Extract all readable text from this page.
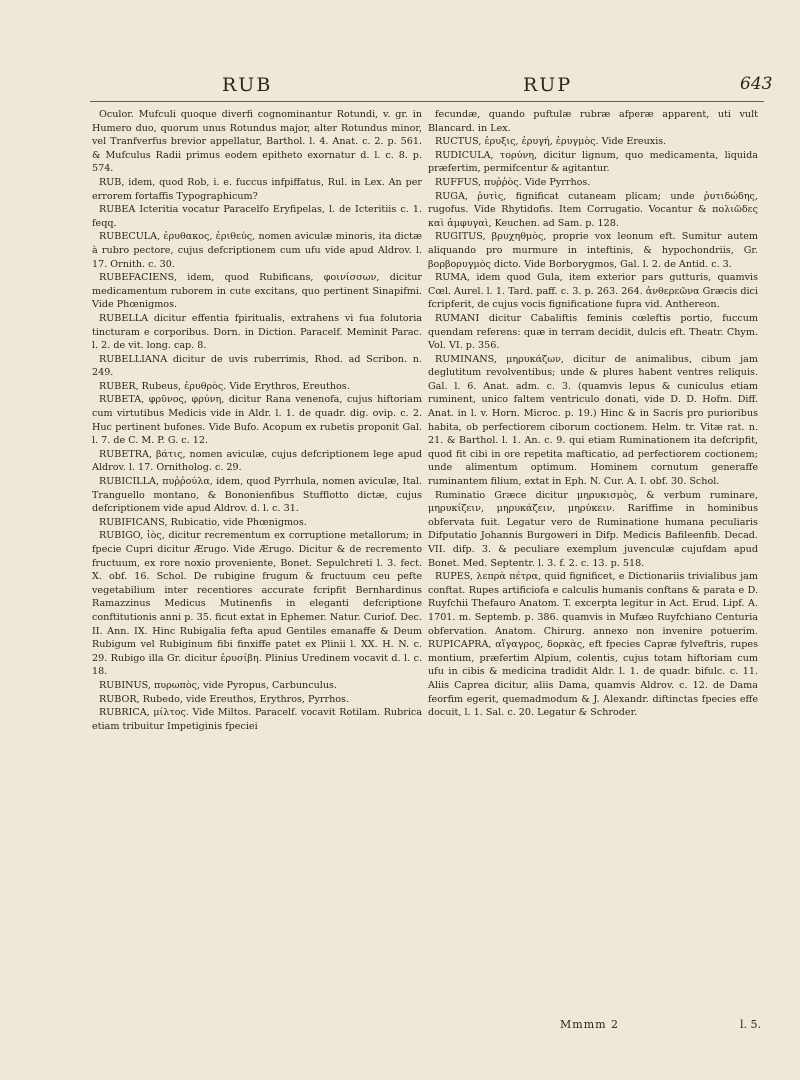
RUB	RUP	643

Oculor. Mufculi quoque diverfi cognominantur Rotundi, v. gr. in Humero duo, quorum unus Rotundus major, alter Rotundus minor, vel Tranfverfus brevior appellatur, Barthol. l. 4. Anat. c. 2. p. 561. & Mufculus Radii primus eodem epitheto exornatur d. l. c. 8. p. 574.

RUB, idem, quod Rob, i. e. fuccus infpiffatus, Rul. in Lex. An per errorem fortaffis Typographicum?

RUBEA Icteritia vocatur Paracelfo Eryfipelas, l. de Icteritiis c. 1. feqq.

RUBECULA, ἐρυθακος, ἐριθεύς, nomen aviculæ minoris, ita dictæ à rubro pectore, cujus defcriptionem cum ufu vide apud Aldrov. l. 17. Ornith. c. 30.

RUBEFACIENS, idem, quod Rubificans, φοινίσσων, dicitur medicamentum ruborem in cute excitans, quo pertinent Sinapifmi. Vide Phœnigmos.

RUBELLA dicitur effentia fpiritualis, extrahens vi fua folutoria tincturam e corporibus. Dorn. in Diction. Paracelf. Meminit Parac. l. 2. de vit. long. cap. 8.

RUBELLIANA dicitur de uvis ruberrimis, Rhod. ad Scribon. n. 249.

RUBER, Rubeus, ἐρυθρὸς. Vide Erythros, Ereuthos.

RUBETA, φρῦνος, φρύνη, dicitur Rana venenofa, cujus hiftoriam cum virtutibus Medicis vide in Aldr. l. 1. de quadr. dig. ovip. c. 2. Huc pertinent bufones. Vide Bufo. Acopum ex rubetis proponit Gal. l. 7. de C. M. P. G. c. 12.

RUBETRA, βάτις, nomen aviculæ, cujus defcriptionem lege apud Aldrov. l. 17. Ornitholog. c. 29.

RUBICILLA, πυῤῥούλα, idem, quod Pyrrhula, nomen aviculæ, Ital. Tranguello montano, & Bononienfibus Stufflotto dictæ, cujus defcriptionem vide apud Aldrov. d. l. c. 31.

RUBIFICANS, Rubicatio, vide Phœnigmos.

RUBIGO, ἰὸς, dicitur recrementum ex corruptione metallorum; in fpecie Cupri dicitur Ærugo. Vide Ærugo. Dicitur & de recremento fructuum, ex rore noxio proveniente, Bonet. Sepulchreti l. 3. fect. X. obf. 16. Schol. De rubigine frugum & fructuum ceu pefte vegetabilium inter recentiores accurate fcripfit Bernhardinus Ramazzinus Medicus Mutinenfis in eleganti defcriptione conftitutionis anni p. 35. ficut extat in Ephemer. Natur. Curiof. Dec. II. Ann. IX. Hinc Rubigalia fefta apud Gentiles emanaffe & Deum Rubigum vel Rubiginum fibi finxiffe patet ex Plinii l. XX. H. N. c. 29. Rubigo illa Gr. dicitur ἐρυσίβη. Plinius Uredinem vocavit d. l. c. 18.

RUBINUS, πυρωπὸς, vide Pyropus, Carbunculus.

RUBOR, Rubedo, vide Ereuthos, Erythros, Pyrrhos.

RUBRICA, μίλτος. Vide Miltos. Paracelf. vocavit Rotilam. Rubrica etiam tribuitur Impetiginis fpeciei

fecundæ, quando puftulæ rubræ afperæ apparent, uti vult Blancard. in Lex.

RUCTUS, ἐρυξις, ἐρυγή, ἐρυγμὸς. Vide Ereuxis.

RUDICULA, τορύνη, dicitur lignum, quo medicamenta, liquida præfertim, permifcentur & agitantur.

RUFFUS, πυῤῥὸς. Vide Pyrrhos.

RUGA, ῥυτὶς, fignificat cutaneam plicam; unde ῥυτιδώδης, rugofus. Vide Rhytidofis. Item Corrugatio. Vocantur & πολιῶδες καὶ ἀμφυγαὶ, Keuchen. ad Sam. p. 128.

RUGITUS, βρυχηθμὸς, proprie vox leonum eft. Sumitur autem aliquando pro murmure in inteftinis, & hypochondriis, Gr. βορβορυγμὸς dicto. Vide Borborygmos, Gal. l. 2. de Antid. c. 3.

RUMA, idem quod Gula, item exterior pars gutturis, quamvis Cœl. Aurel. l. 1. Tard. paff. c. 3. p. 263. 264. ἀνθερεῶνα Græcis dici fcripferit, de cujus vocis fignificatione fupra vid. Anthereon.

RUMANI dicitur Cabaliftis feminis cœleftis portio, fuccum quendam referens: quæ in terram decidit, dulcis eft. Theatr. Chym. Vol. VI. p. 356.

RUMINANS, μηρυκάζων, dicitur de animalibus, cibum jam deglutitum revolventibus; unde & plures habent ventres reliquis. Gal. l. 6. Anat. adm. c. 3. (quamvis lepus & cuniculus etiam ruminent, unico faltem ventriculo donati, vide D. D. Hofm. Diff. Anat. in l. v. Horn. Microc. p. 19.) Hinc & in Sacris pro purioribus habita, ob perfectiorem ciborum coctionem. Helm. tr. Vitæ rat. n. 21. & Barthol. l. 1. An. c. 9. qui etiam Ruminationem ita defcripfit, quod fit cibi in ore repetita mafticatio, ad perfectiorem coctionem; unde alimentum optimum. Hominem cornutum generaffe ruminantem filium, extat in Eph. N. Cur. A. I. obf. 30. Schol.

Ruminatio Græce dicitur μηρυκισμὸς, & verbum ruminare, μηρυκίζειν, μηρυκάζειν, μηρύκειν. Rariffime in hominibus obfervata fuit. Legatur vero de Ruminatione humana peculiaris Difputatio Johannis Burgoweri in Difp. Medicis Bafileenfib. Decad. VII. difp. 3. & peculiare exemplum juvenculæ cujufdam apud Bonet. Med. Septentr. l. 3. f. 2. c. 13. p. 518.

RUPES, λεπρὰ πέτρα, quid fignificet, e Dictionariis trivialibus jam conftat. Rupes artificiofa e calculis humanis conftans & parata e D. Ruyfchii Thefauro Anatom. T. excerpta legitur in Act. Erud. Lipf. A. 1701. m. Septemb. p. 386. quamvis in Mufæo Ruyfchiano Centuria obfervation. Anatom. Chirurg. annexo non invenire potuerim. RUPICAPRA, αἴγαγρος, δορκὰς, eft fpecies Capræ fylveftris, rupes montium, præfertim Alpium, colentis, cujus totam hiftoriam cum ufu in cibis & medicina tradidit Aldr. l. 1. de quadr. bifulc. c. 11. Aliis Caprea dicitur, aliis Dama, quamvis Aldrov. c. 12. de Dama feorfim egerit, quemadmodum & J. Alexandr. diftinctas fpecies effe docuit, l. 1. Sal. c. 20. Legatur & Schroder.

Mmmm 2	l. 5.
